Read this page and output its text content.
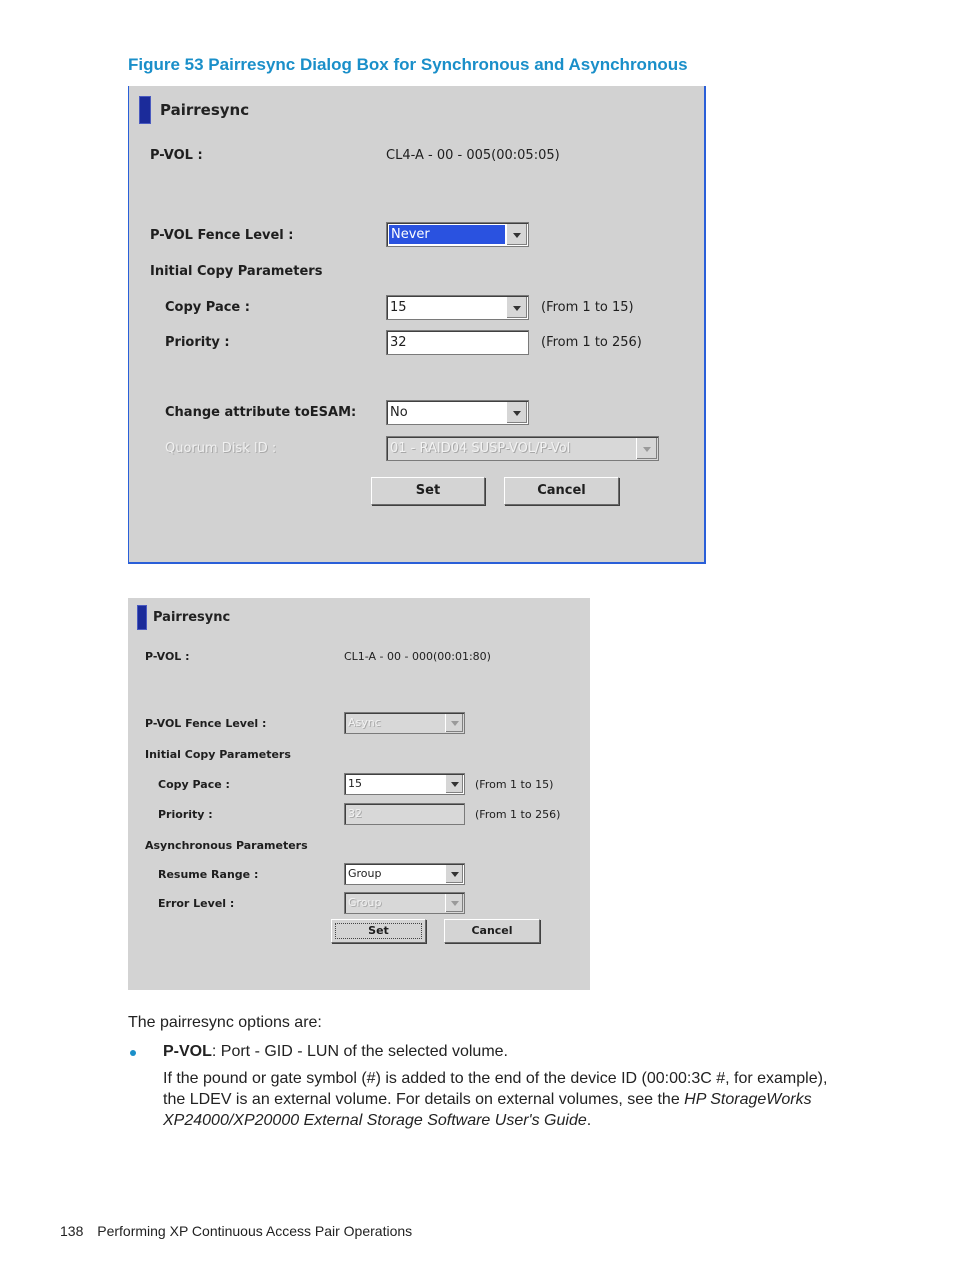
Figure 53 Pairresync Dialog Box for Synchronous and Asynchronous
Pairresync
P-VOL :	CL4-A - 00 - 005(00:05:05)
P-VOL Fence Level :	Never
Initial Copy Parameters
Copy Pace :	15	(From 1 to 15)
Priority :	32	(From 1 to 256)
Change attribute toESAM:	No
Quorum Disk ID :	01 - RAID04 SUSP-VOL/P-Vol
Set	Cancel
Pairresync
P-VOL :	CL1-A - 00 - 000(00:01:80)
P-VOL Fence Level :	Async
Initial Copy Parameters
Copy Pace :	15	(From 1 to 15)
Priority :	32	(From 1 to 256)
Asynchronous Parameters
Resume Range :	Group
Error Level :	Group
Set	Cancel
The pairresync options are:
P-VOL: Port - GID - LUN of the selected volume.
If the pound or gate symbol (#) is added to the end of the device ID (00:00:3C #, for example),
the LDEV is an external volume. For details on external volumes, see the HP StorageWorks
XP24000/XP20000 External Storage Software User's Guide.
138 Performing XP Continuous Access Pair Operations
